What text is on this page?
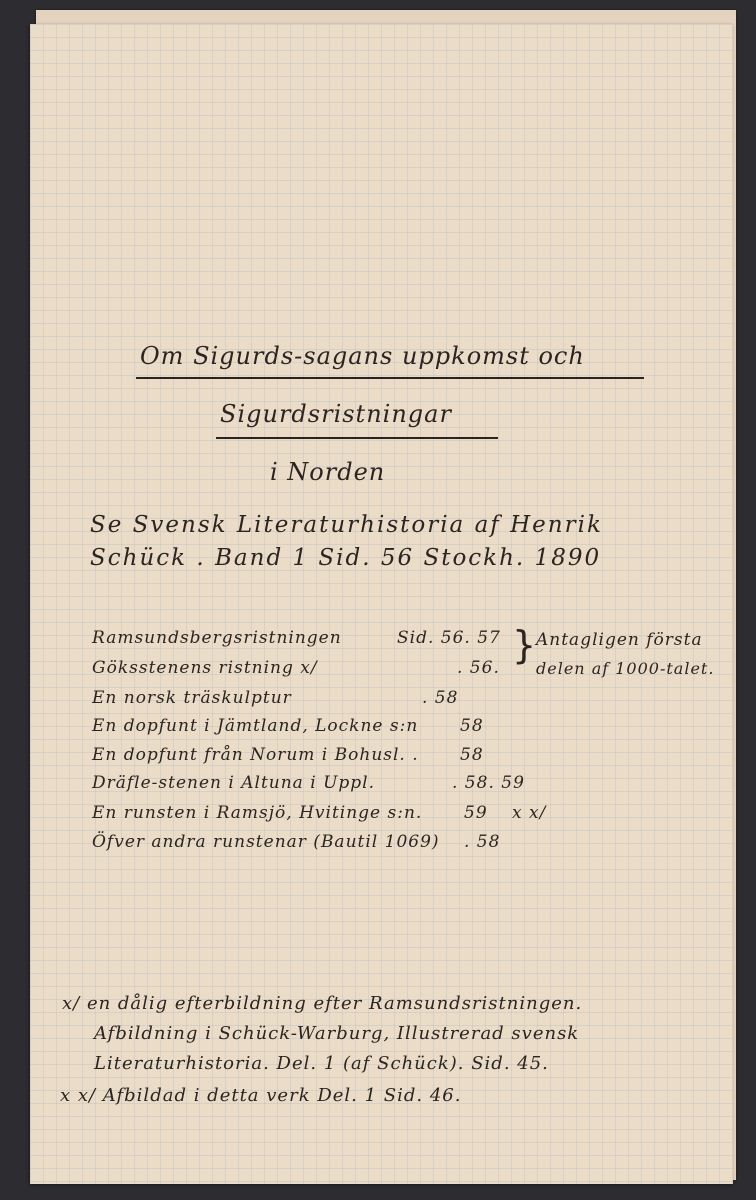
Om Sigurds-sagans uppkomst och
Sigurdsristningar
i Norden
Se Svensk Literaturhistoria af Henrik
Schück . Band 1 Sid. 56 Stockh. 1890
Ramsundsbergsristningen	Sid. 56. 57
Göksstenens ristning x/	. 56.
En norsk träskulptur	. 58
En dopfunt i Jämtland, Lockne s:n 58
En dopfunt från Norum i Bohusl. . 58
Dräfle-stenen i Altuna i Uppl.	. 58. 59
En runsten i Ramsjö, Hvitinge s:n. 59 x x/
Öfver andra runstenar (Bautil 1069) . 58
} Antagligen första
delen af 1000-talet.
x/ en dålig efterbildning efter Ramsundsristningen.
Afbildning i Schück-Warburg, Illustrerad svensk
Literaturhistoria. Del. 1 (af Schück). Sid. 45.
x x/ Afbildad i detta verk Del. 1 Sid. 46.
